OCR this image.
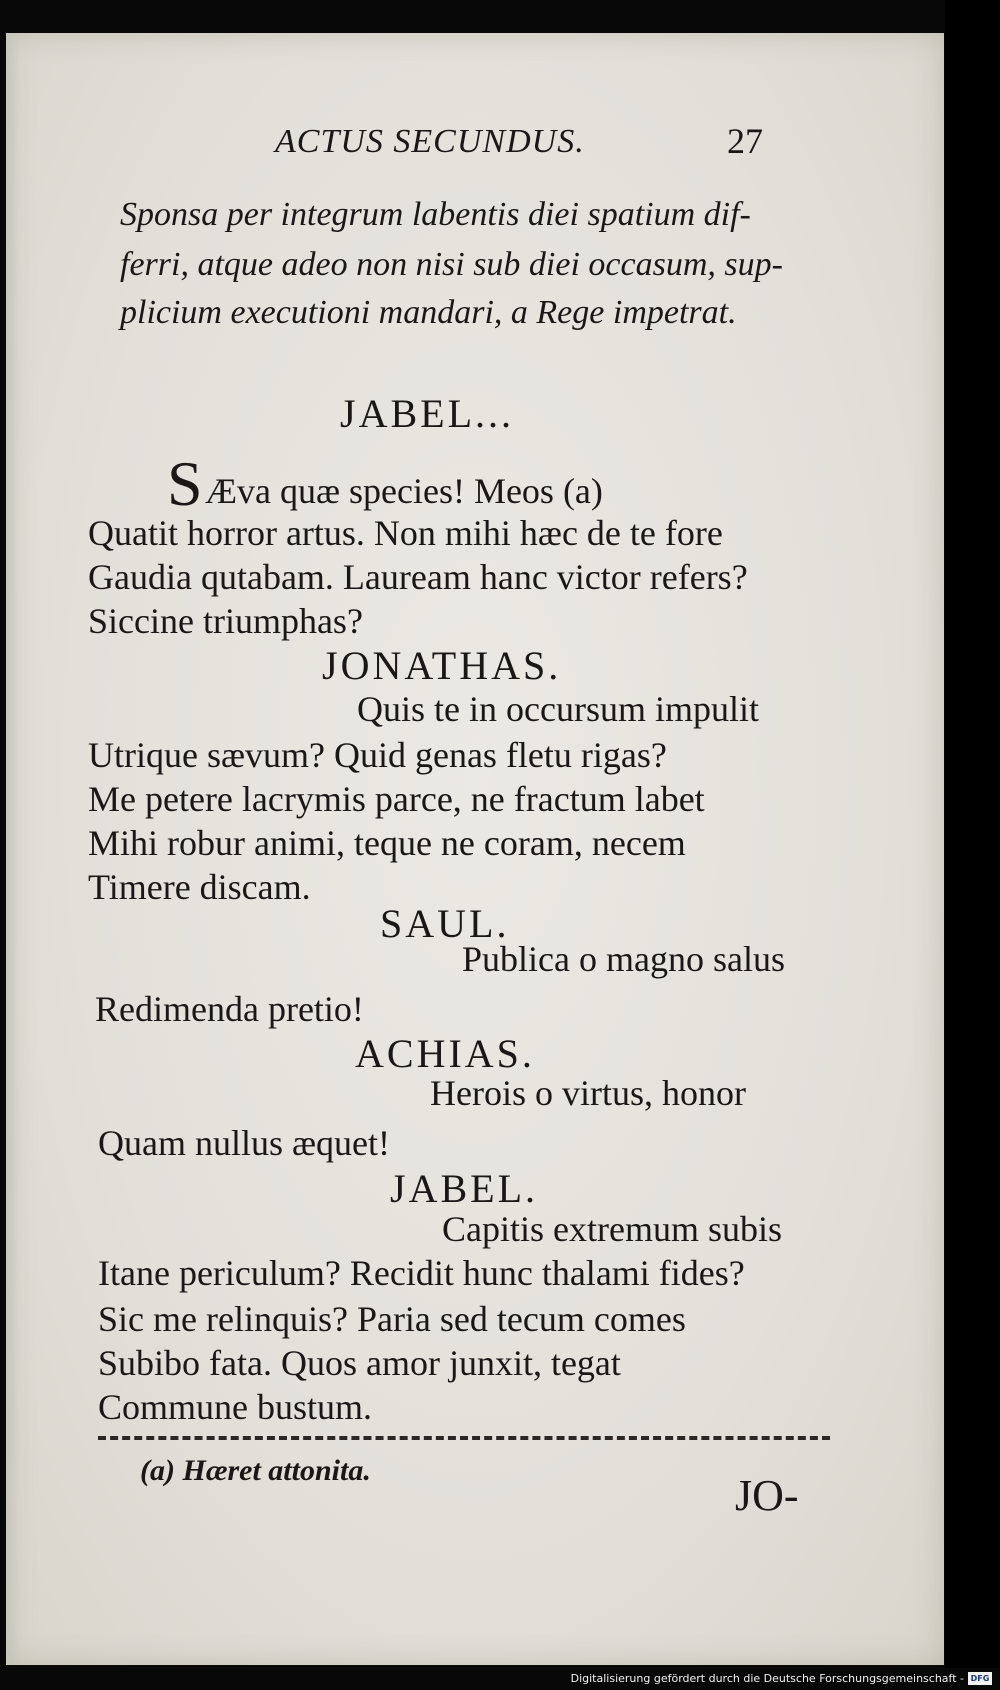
ACTUS SECUNDUS.	27
Sponsa per integrum labentis diei spatium dif-
ferri, atque adeo non nisi sub diei occasum, sup-
plicium executioni mandari, a Rege impetrat.
JABEL...
S Æva quæ species! Meos (a)
Quatit horror artus. Non mihi hæc de te fore
Gaudia qutabam. Lauream hanc victor refers?
Siccine triumphas?
JONATHAS.
Quis te in occursum impulit
Utrique sævum? Quid genas fletu rigas?
Me petere lacrymis parce, ne fractum labet
Mihi robur animi, teque ne coram, necem
Timere discam.
SAUL.
Publica o magno salus
Redimenda pretio!
ACHIAS.
Herois o virtus, honor
Quam nullus æquet!
JABEL.
Capitis extremum subis
Itane periculum? Recidit hunc thalami fides?
Sic me relinquis? Paria sed tecum comes
Subibo fata. Quos amor junxit, tegat
Commune bustum.
(a) Hæret attonita.
JO-
Digitalisierung gefördert durch die Deutsche Forschungsgemeinschaft - DFG
